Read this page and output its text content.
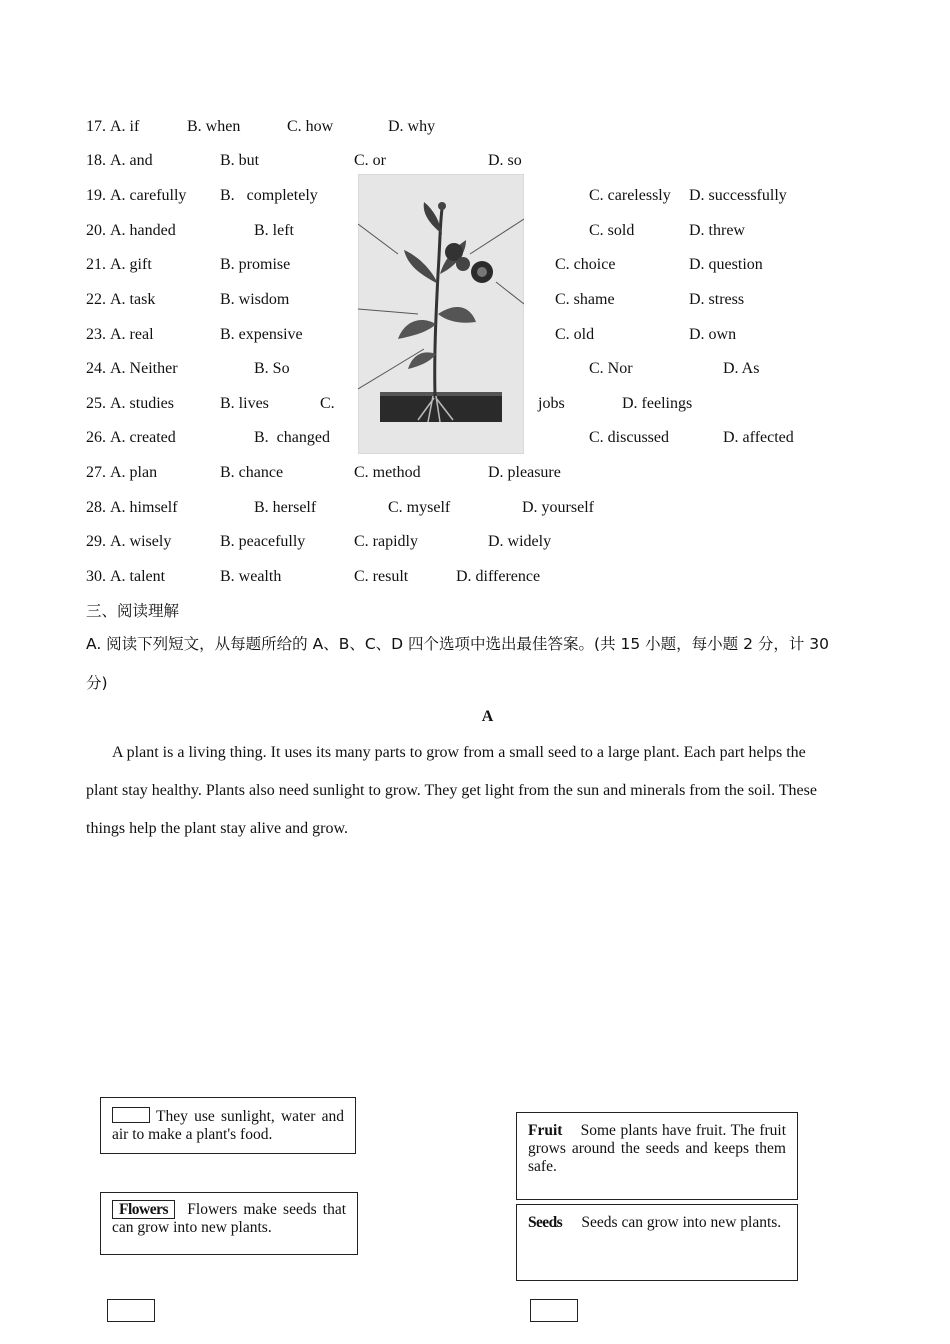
17. A. if	B. when	C. how	D. why
18. A. and	B. but	C. or	D. so
19. A. carefully B.   completely	C. carelessly D. successfully
20. A. handed	B. left	C. sold	D. threw
21. A. gift	B. promise	C. choice	D. question
22. A. task	B. wisdom	C. shame	D. stress
23. A. real	B. expensive	C. old	D. own
24. A. Neither	B. So	C. Nor	D. As
25. A. studies	B. lives	C.	jobs	D. feelings
26. A. created	B.  changed	C. discussed	D. affected
27. A. plan	B. chance	C. method	D. pleasure
28. A. himself	B. herself	C. myself	D. yourself
29. A. wisely	B. peacefully	C. rapidly	D. widely
30. A. talent	B. wealth	C. result	D. difference
三、阅读理解
A. 阅读下列短文，从每题所给的 A、B、C、D 四个选项中选出最佳答案。(共 15 小题，每小题 2 分，计 30
分)
A
A plant is a living thing. It uses its many parts to grow from a small seed to a large plant. Each part helps the
plant stay healthy. Plants also need sunlight to grow. They get light from the sun and minerals from the soil. These
things help the plant stay alive and grow.
They use sunlight, water and air to make a plant's food.
Flowers Flowers make seeds that can grow into new plants.
Fruit Some plants have fruit. The fruit grows around the seeds and keeps them safe.
Seeds Seeds can grow into new plants.
